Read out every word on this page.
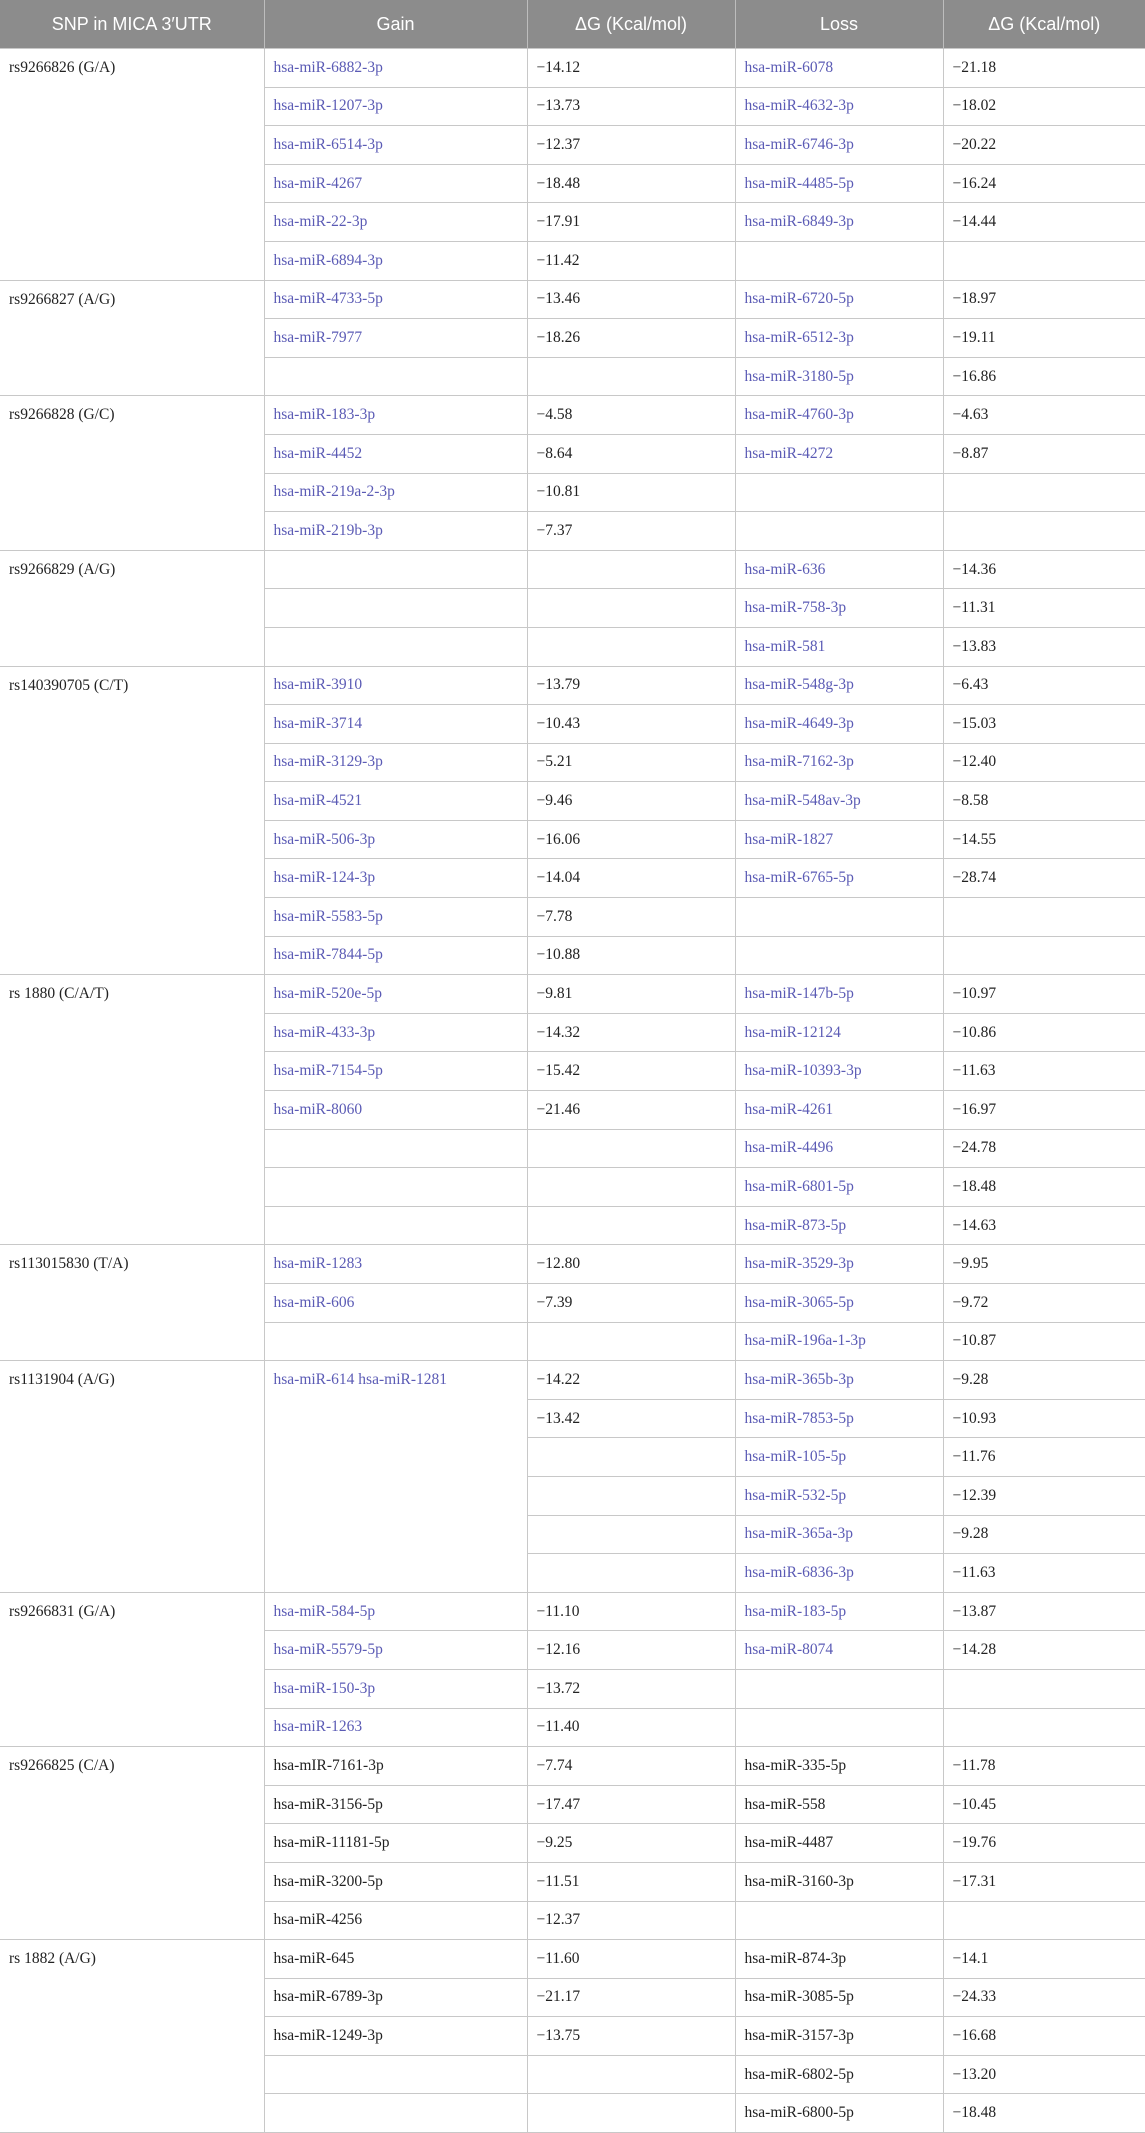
SNP in MICA 3′UTR	Gain	ΔG (Kcal/mol)	Loss	ΔG (Kcal/mol)
rs9266826 (G/A)	hsa-miR-6882-3p	−14.12	hsa-miR-6078	−21.18
	hsa-miR-1207-3p	−13.73	hsa-miR-4632-3p	−18.02
	hsa-miR-6514-3p	−12.37	hsa-miR-6746-3p	−20.22
	hsa-miR-4267	−18.48	hsa-miR-4485-5p	−16.24
	hsa-miR-22-3p	−17.91	hsa-miR-6849-3p	−14.44
	hsa-miR-6894-3p	−11.42		
rs9266827 (A/G)	hsa-miR-4733-5p	−13.46	hsa-miR-6720-5p	−18.97
	hsa-miR-7977	−18.26	hsa-miR-6512-3p	−19.11
			hsa-miR-3180-5p	−16.86
rs9266828 (G/C)	hsa-miR-183-3p	−4.58	hsa-miR-4760-3p	−4.63
	hsa-miR-4452	−8.64	hsa-miR-4272	−8.87
	hsa-miR-219a-2-3p	−10.81		
	hsa-miR-219b-3p	−7.37		
rs9266829 (A/G)			hsa-miR-636	−14.36
			hsa-miR-758-3p	−11.31
			hsa-miR-581	−13.83
rs140390705 (C/T)	hsa-miR-3910	−13.79	hsa-miR-548g-3p	−6.43
	hsa-miR-3714	−10.43	hsa-miR-4649-3p	−15.03
	hsa-miR-3129-3p	−5.21	hsa-miR-7162-3p	−12.40
	hsa-miR-4521	−9.46	hsa-miR-548av-3p	−8.58
	hsa-miR-506-3p	−16.06	hsa-miR-1827	−14.55
	hsa-miR-124-3p	−14.04	hsa-miR-6765-5p	−28.74
	hsa-miR-5583-5p	−7.78		
	hsa-miR-7844-5p	−10.88		
rs 1880 (C/A/T)	hsa-miR-520e-5p	−9.81	hsa-miR-147b-5p	−10.97
	hsa-miR-433-3p	−14.32	hsa-miR-12124	−10.86
	hsa-miR-7154-5p	−15.42	hsa-miR-10393-3p	−11.63
	hsa-miR-8060	−21.46	hsa-miR-4261	−16.97
			hsa-miR-4496	−24.78
			hsa-miR-6801-5p	−18.48
			hsa-miR-873-5p	−14.63
rs113015830 (T/A)	hsa-miR-1283	−12.80	hsa-miR-3529-3p	−9.95
	hsa-miR-606	−7.39	hsa-miR-3065-5p	−9.72
			hsa-miR-196a-1-3p	−10.87
rs1131904 (A/G)	hsa-miR-614 hsa-miR-1281	−14.22	hsa-miR-365b-3p	−9.28
		−13.42	hsa-miR-7853-5p	−10.93
			hsa-miR-105-5p	−11.76
			hsa-miR-532-5p	−12.39
			hsa-miR-365a-3p	−9.28
			hsa-miR-6836-3p	−11.63
rs9266831 (G/A)	hsa-miR-584-5p	−11.10	hsa-miR-183-5p	−13.87
	hsa-miR-5579-5p	−12.16	hsa-miR-8074	−14.28
	hsa-miR-150-3p	−13.72		
	hsa-miR-1263	−11.40		
rs9266825 (C/A)	hsa-mIR-7161-3p	−7.74	hsa-miR-335-5p	−11.78
	hsa-miR-3156-5p	−17.47	hsa-miR-558	−10.45
	hsa-miR-11181-5p	−9.25	hsa-miR-4487	−19.76
	hsa-miR-3200-5p	−11.51	hsa-miR-3160-3p	−17.31
	hsa-miR-4256	−12.37		
rs 1882 (A/G)	hsa-miR-645	−11.60	hsa-miR-874-3p	−14.1
	hsa-miR-6789-3p	−21.17	hsa-miR-3085-5p	−24.33
	hsa-miR-1249-3p	−13.75	hsa-miR-3157-3p	−16.68
			hsa-miR-6802-5p	−13.20
			hsa-miR-6800-5p	−18.48
